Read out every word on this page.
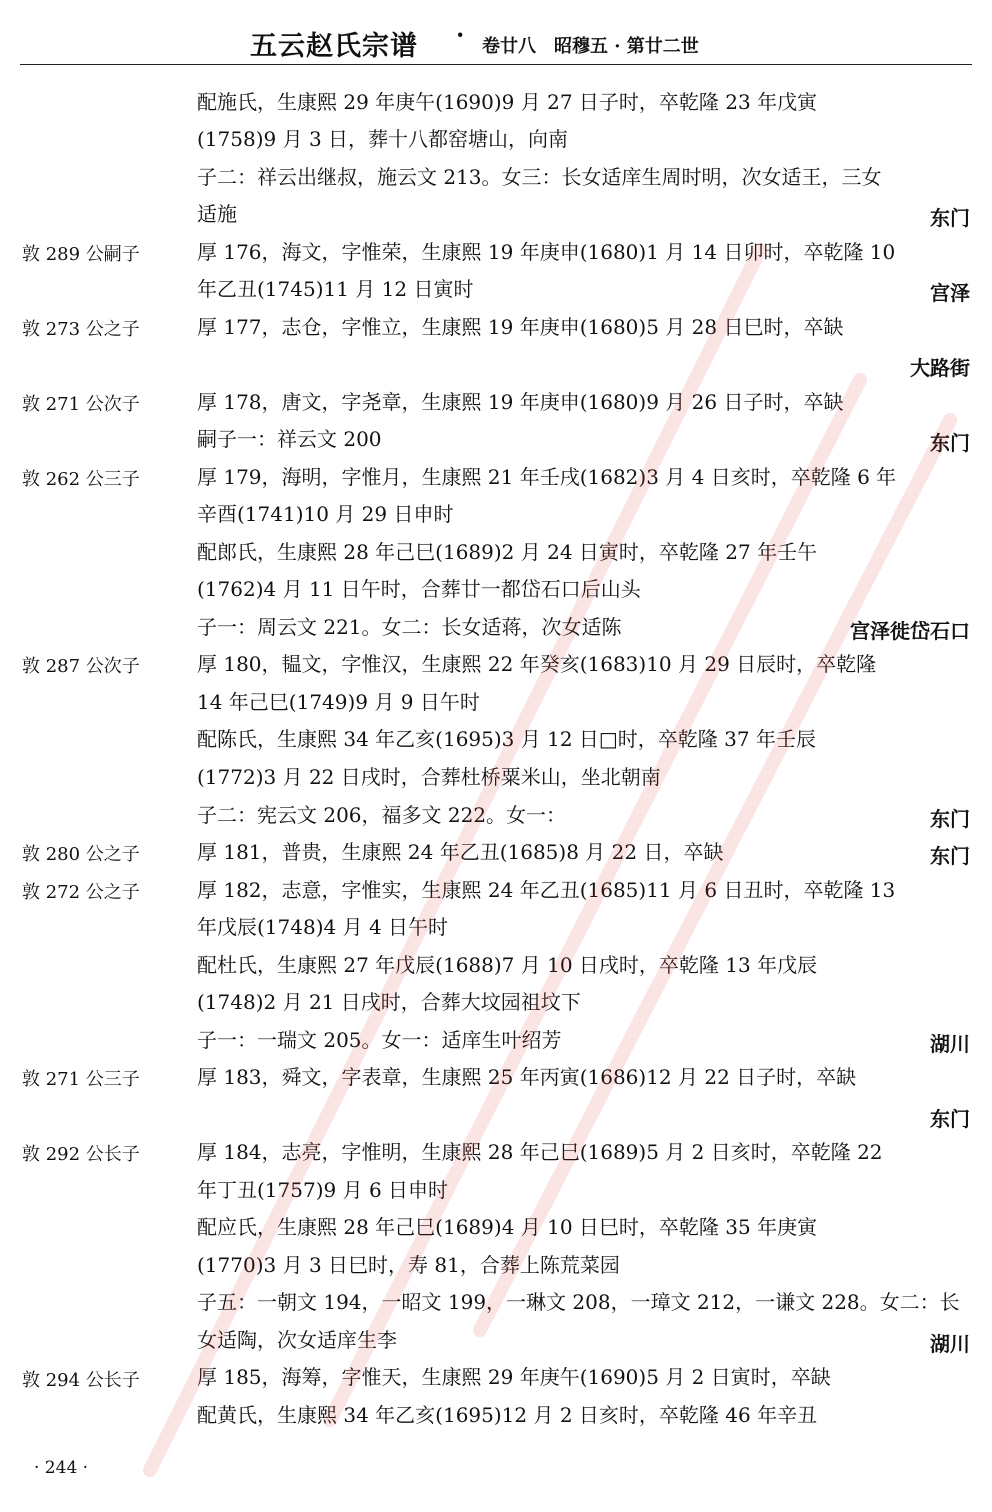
五云赵氏宗谱 · 卷廿八　昭穆五 · 第廿二世
配施氏，生康熙 29 年庚午(1690)9 月 27 日子时，卒乾隆 23 年戊寅
(1758)9 月 3 日，葬十八都窑塘山，向南
子二：祥云出继叔，施云文 213。女三：长女适庠生周时明，次女适王，三女
适施
厚 176，海文，字惟荣，生康熙 19 年庚申(1680)1 月 14 日卯时，卒乾隆 10
年乙丑(1745)11 月 12 日寅时
厚 177，志仓，字惟立，生康熙 19 年庚申(1680)5 月 28 日巳时，卒缺
厚 178，唐文，字尧章，生康熙 19 年庚申(1680)9 月 26 日子时，卒缺
嗣子一：祥云文 200
厚 179，海明，字惟月，生康熙 21 年壬戌(1682)3 月 4 日亥时，卒乾隆 6 年
辛酉(1741)10 月 29 日申时
配郎氏，生康熙 28 年己巳(1689)2 月 24 日寅时，卒乾隆 27 年壬午
(1762)4 月 11 日午时，合葬廿一都岱石口后山头
子一：周云文 221。女二：长女适蒋，次女适陈
厚 180，韫文，字惟汉，生康熙 22 年癸亥(1683)10 月 29 日辰时，卒乾隆
14 年己巳(1749)9 月 9 日午时
配陈氏，生康熙 34 年乙亥(1695)3 月 12 日□时，卒乾隆 37 年壬辰
(1772)3 月 22 日戌时，合葬杜桥粟米山，坐北朝南
子二：宪云文 206，福多文 222。女一：
厚 181，普贵，生康熙 24 年乙丑(1685)8 月 22 日，卒缺
厚 182，志意，字惟实，生康熙 24 年乙丑(1685)11 月 6 日丑时，卒乾隆 13
年戊辰(1748)4 月 4 日午时
配杜氏，生康熙 27 年戊辰(1688)7 月 10 日戌时，卒乾隆 13 年戊辰
(1748)2 月 21 日戌时，合葬大坟园祖坟下
子一：一瑞文 205。女一：适庠生叶绍芳
厚 183，舜文，字表章，生康熙 25 年丙寅(1686)12 月 22 日子时，卒缺
厚 184，志亮，字惟明，生康熙 28 年己巳(1689)5 月 2 日亥时，卒乾隆 22
年丁丑(1757)9 月 6 日申时
配应氏，生康熙 28 年己巳(1689)4 月 10 日巳时，卒乾隆 35 年庚寅
(1770)3 月 3 日巳时，寿 81，合葬上陈荒菜园
子五：一朝文 194，一昭文 199，一琳文 208，一璋文 212，一谦文 228。女二：长
女适陶，次女适庠生李
厚 185，海筹，字惟天，生康熙 29 年庚午(1690)5 月 2 日寅时，卒缺
配黄氏，生康熙 34 年乙亥(1695)12 月 2 日亥时，卒乾隆 46 年辛丑
敦 289 公嗣子
敦 273 公之子
敦 271 公次子
敦 262 公三子
敦 287 公次子
敦 280 公之子
敦 272 公之子
敦 271 公三子
敦 292 公长子
敦 294 公长子
东门
宫泽
大路街
东门
宫泽徙岱石口
东门
东门
湖川
东门
湖川
· 244 ·
